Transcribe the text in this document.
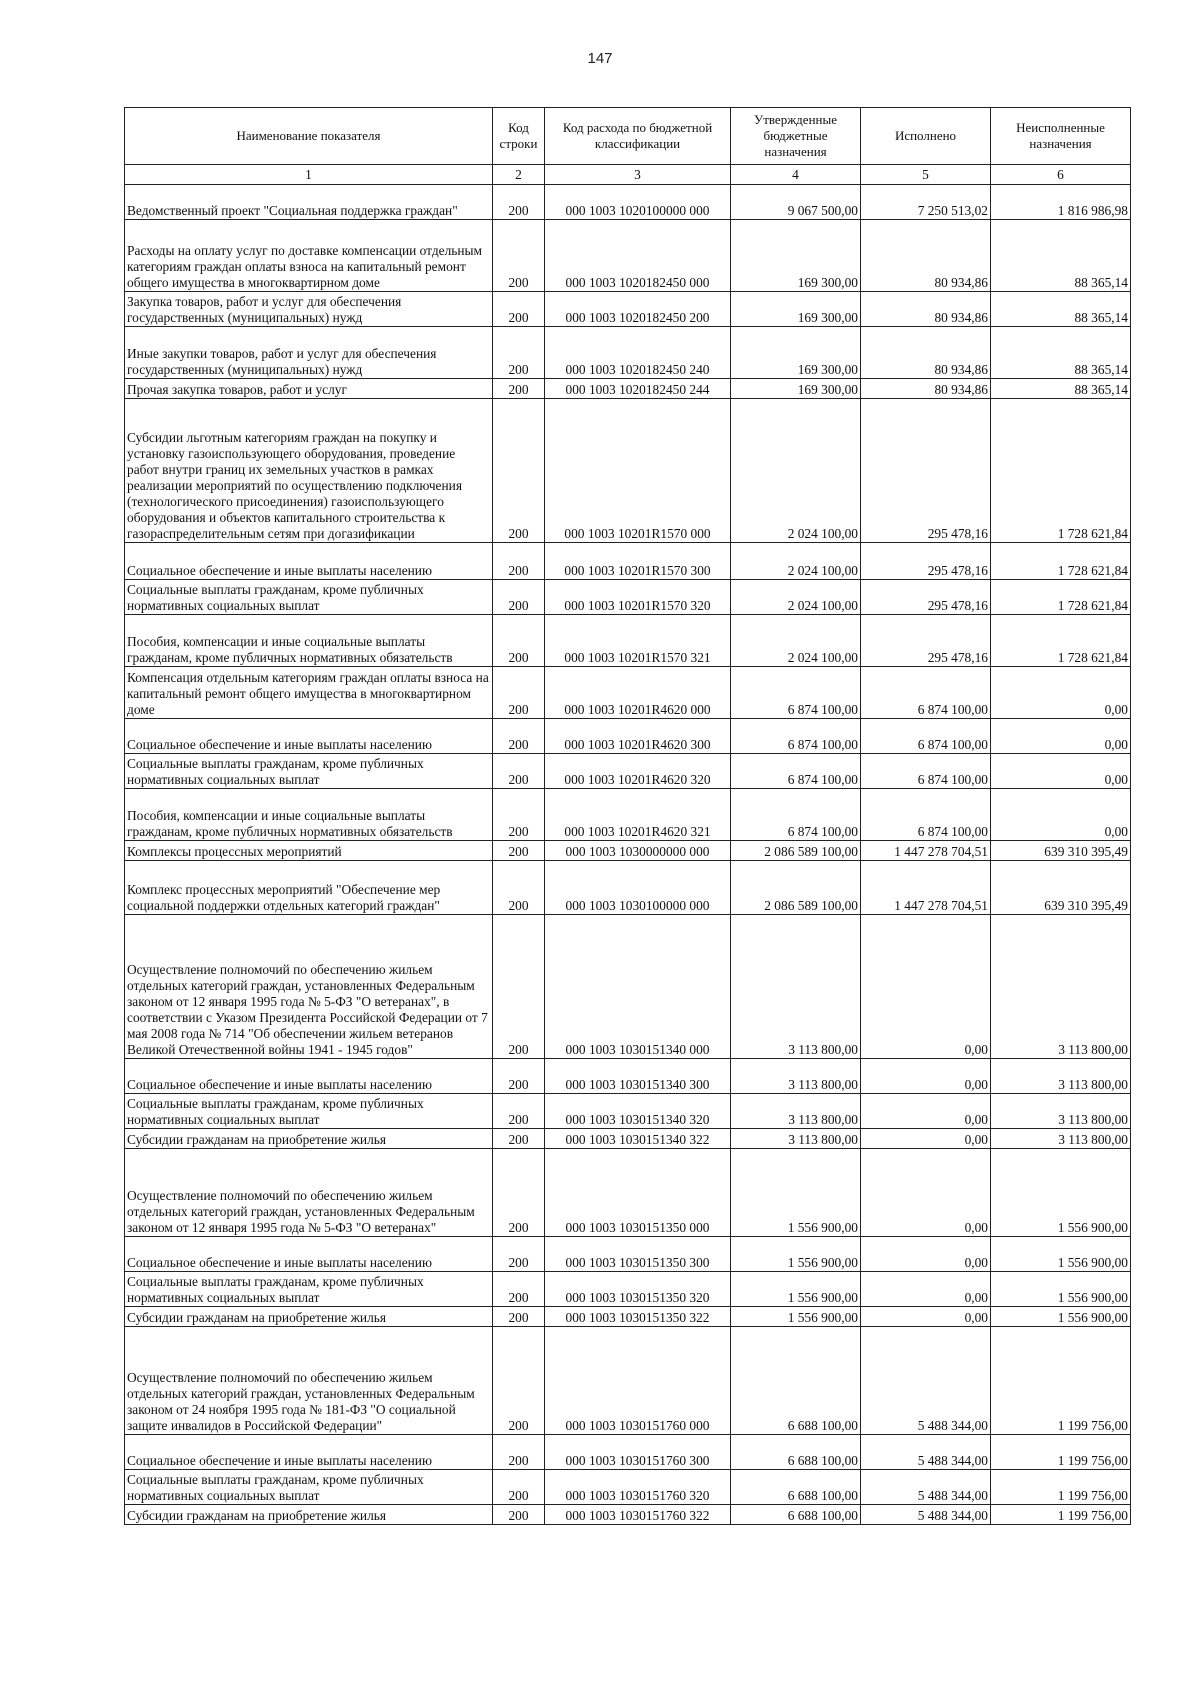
147
Наименование показателя	Код строки	Код расхода по бюджетной классификации	Утвержденные бюджетные назначения	Исполнено	Неисполненные назначения
1	2	3	4	5	6
Ведомственный проект "Социальная поддержка граждан"	200	000 1003 1020100000 000	9 067 500,00	7 250 513,02	1 816 986,98
Расходы на оплату услуг по доставке компенсации отдельным категориям граждан оплаты взноса на капитальный ремонт общего имущества в многоквартирном доме	200	000 1003 1020182450 000	169 300,00	80 934,86	88 365,14
Закупка товаров, работ и услуг для обеспечения государственных (муниципальных) нужд	200	000 1003 1020182450 200	169 300,00	80 934,86	88 365,14
Иные закупки товаров, работ и услуг для обеспечения государственных (муниципальных) нужд	200	000 1003 1020182450 240	169 300,00	80 934,86	88 365,14
Прочая закупка товаров, работ и услуг	200	000 1003 1020182450 244	169 300,00	80 934,86	88 365,14
Субсидии льготным категориям граждан на покупку и установку газоиспользующего оборудования, проведение работ внутри границ их земельных участков в рамках реализации мероприятий по осуществлению подключения (технологического присоединения) газоиспользующего оборудования и объектов капитального строительства к газораспределительным сетям при догазификации	200	000 1003 10201R1570 000	2 024 100,00	295 478,16	1 728 621,84
Социальное обеспечение и иные выплаты населению	200	000 1003 10201R1570 300	2 024 100,00	295 478,16	1 728 621,84
Социальные выплаты гражданам, кроме публичных нормативных социальных выплат	200	000 1003 10201R1570 320	2 024 100,00	295 478,16	1 728 621,84
Пособия, компенсации и иные социальные выплаты гражданам, кроме публичных нормативных обязательств	200	000 1003 10201R1570 321	2 024 100,00	295 478,16	1 728 621,84
Компенсация отдельным категориям граждан оплаты взноса на капитальный ремонт общего имущества в многоквартирном доме	200	000 1003 10201R4620 000	6 874 100,00	6 874 100,00	0,00
Социальное обеспечение и иные выплаты населению	200	000 1003 10201R4620 300	6 874 100,00	6 874 100,00	0,00
Социальные выплаты гражданам, кроме публичных нормативных социальных выплат	200	000 1003 10201R4620 320	6 874 100,00	6 874 100,00	0,00
Пособия, компенсации и иные социальные выплаты гражданам, кроме публичных нормативных обязательств	200	000 1003 10201R4620 321	6 874 100,00	6 874 100,00	0,00
Комплексы процессных мероприятий	200	000 1003 1030000000 000	2 086 589 100,00	1 447 278 704,51	639 310 395,49
Комплекс процессных мероприятий "Обеспечение мер социальной поддержки отдельных категорий граждан"	200	000 1003 1030100000 000	2 086 589 100,00	1 447 278 704,51	639 310 395,49
Осуществление полномочий по обеспечению жильем отдельных категорий граждан, установленных Федеральным законом от 12 января 1995 года № 5-ФЗ "О ветеранах", в соответствии с Указом Президента Российской Федерации от 7 мая 2008 года № 714 "Об обеспечении жильем ветеранов Великой Отечественной войны 1941 - 1945 годов"	200	000 1003 1030151340 000	3 113 800,00	0,00	3 113 800,00
Социальное обеспечение и иные выплаты населению	200	000 1003 1030151340 300	3 113 800,00	0,00	3 113 800,00
Социальные выплаты гражданам, кроме публичных нормативных социальных выплат	200	000 1003 1030151340 320	3 113 800,00	0,00	3 113 800,00
Субсидии гражданам на приобретение жилья	200	000 1003 1030151340 322	3 113 800,00	0,00	3 113 800,00
Осуществление полномочий по обеспечению жильем отдельных категорий граждан, установленных Федеральным законом от 12 января 1995 года № 5-ФЗ "О ветеранах"	200	000 1003 1030151350 000	1 556 900,00	0,00	1 556 900,00
Социальное обеспечение и иные выплаты населению	200	000 1003 1030151350 300	1 556 900,00	0,00	1 556 900,00
Социальные выплаты гражданам, кроме публичных нормативных социальных выплат	200	000 1003 1030151350 320	1 556 900,00	0,00	1 556 900,00
Субсидии гражданам на приобретение жилья	200	000 1003 1030151350 322	1 556 900,00	0,00	1 556 900,00
Осуществление полномочий по обеспечению жильем отдельных категорий граждан, установленных Федеральным законом от 24 ноября 1995 года № 181-ФЗ "О социальной защите инвалидов в Российской Федерации"	200	000 1003 1030151760 000	6 688 100,00	5 488 344,00	1 199 756,00
Социальное обеспечение и иные выплаты населению	200	000 1003 1030151760 300	6 688 100,00	5 488 344,00	1 199 756,00
Социальные выплаты гражданам, кроме публичных нормативных социальных выплат	200	000 1003 1030151760 320	6 688 100,00	5 488 344,00	1 199 756,00
Субсидии гражданам на приобретение жилья	200	000 1003 1030151760 322	6 688 100,00	5 488 344,00	1 199 756,00
